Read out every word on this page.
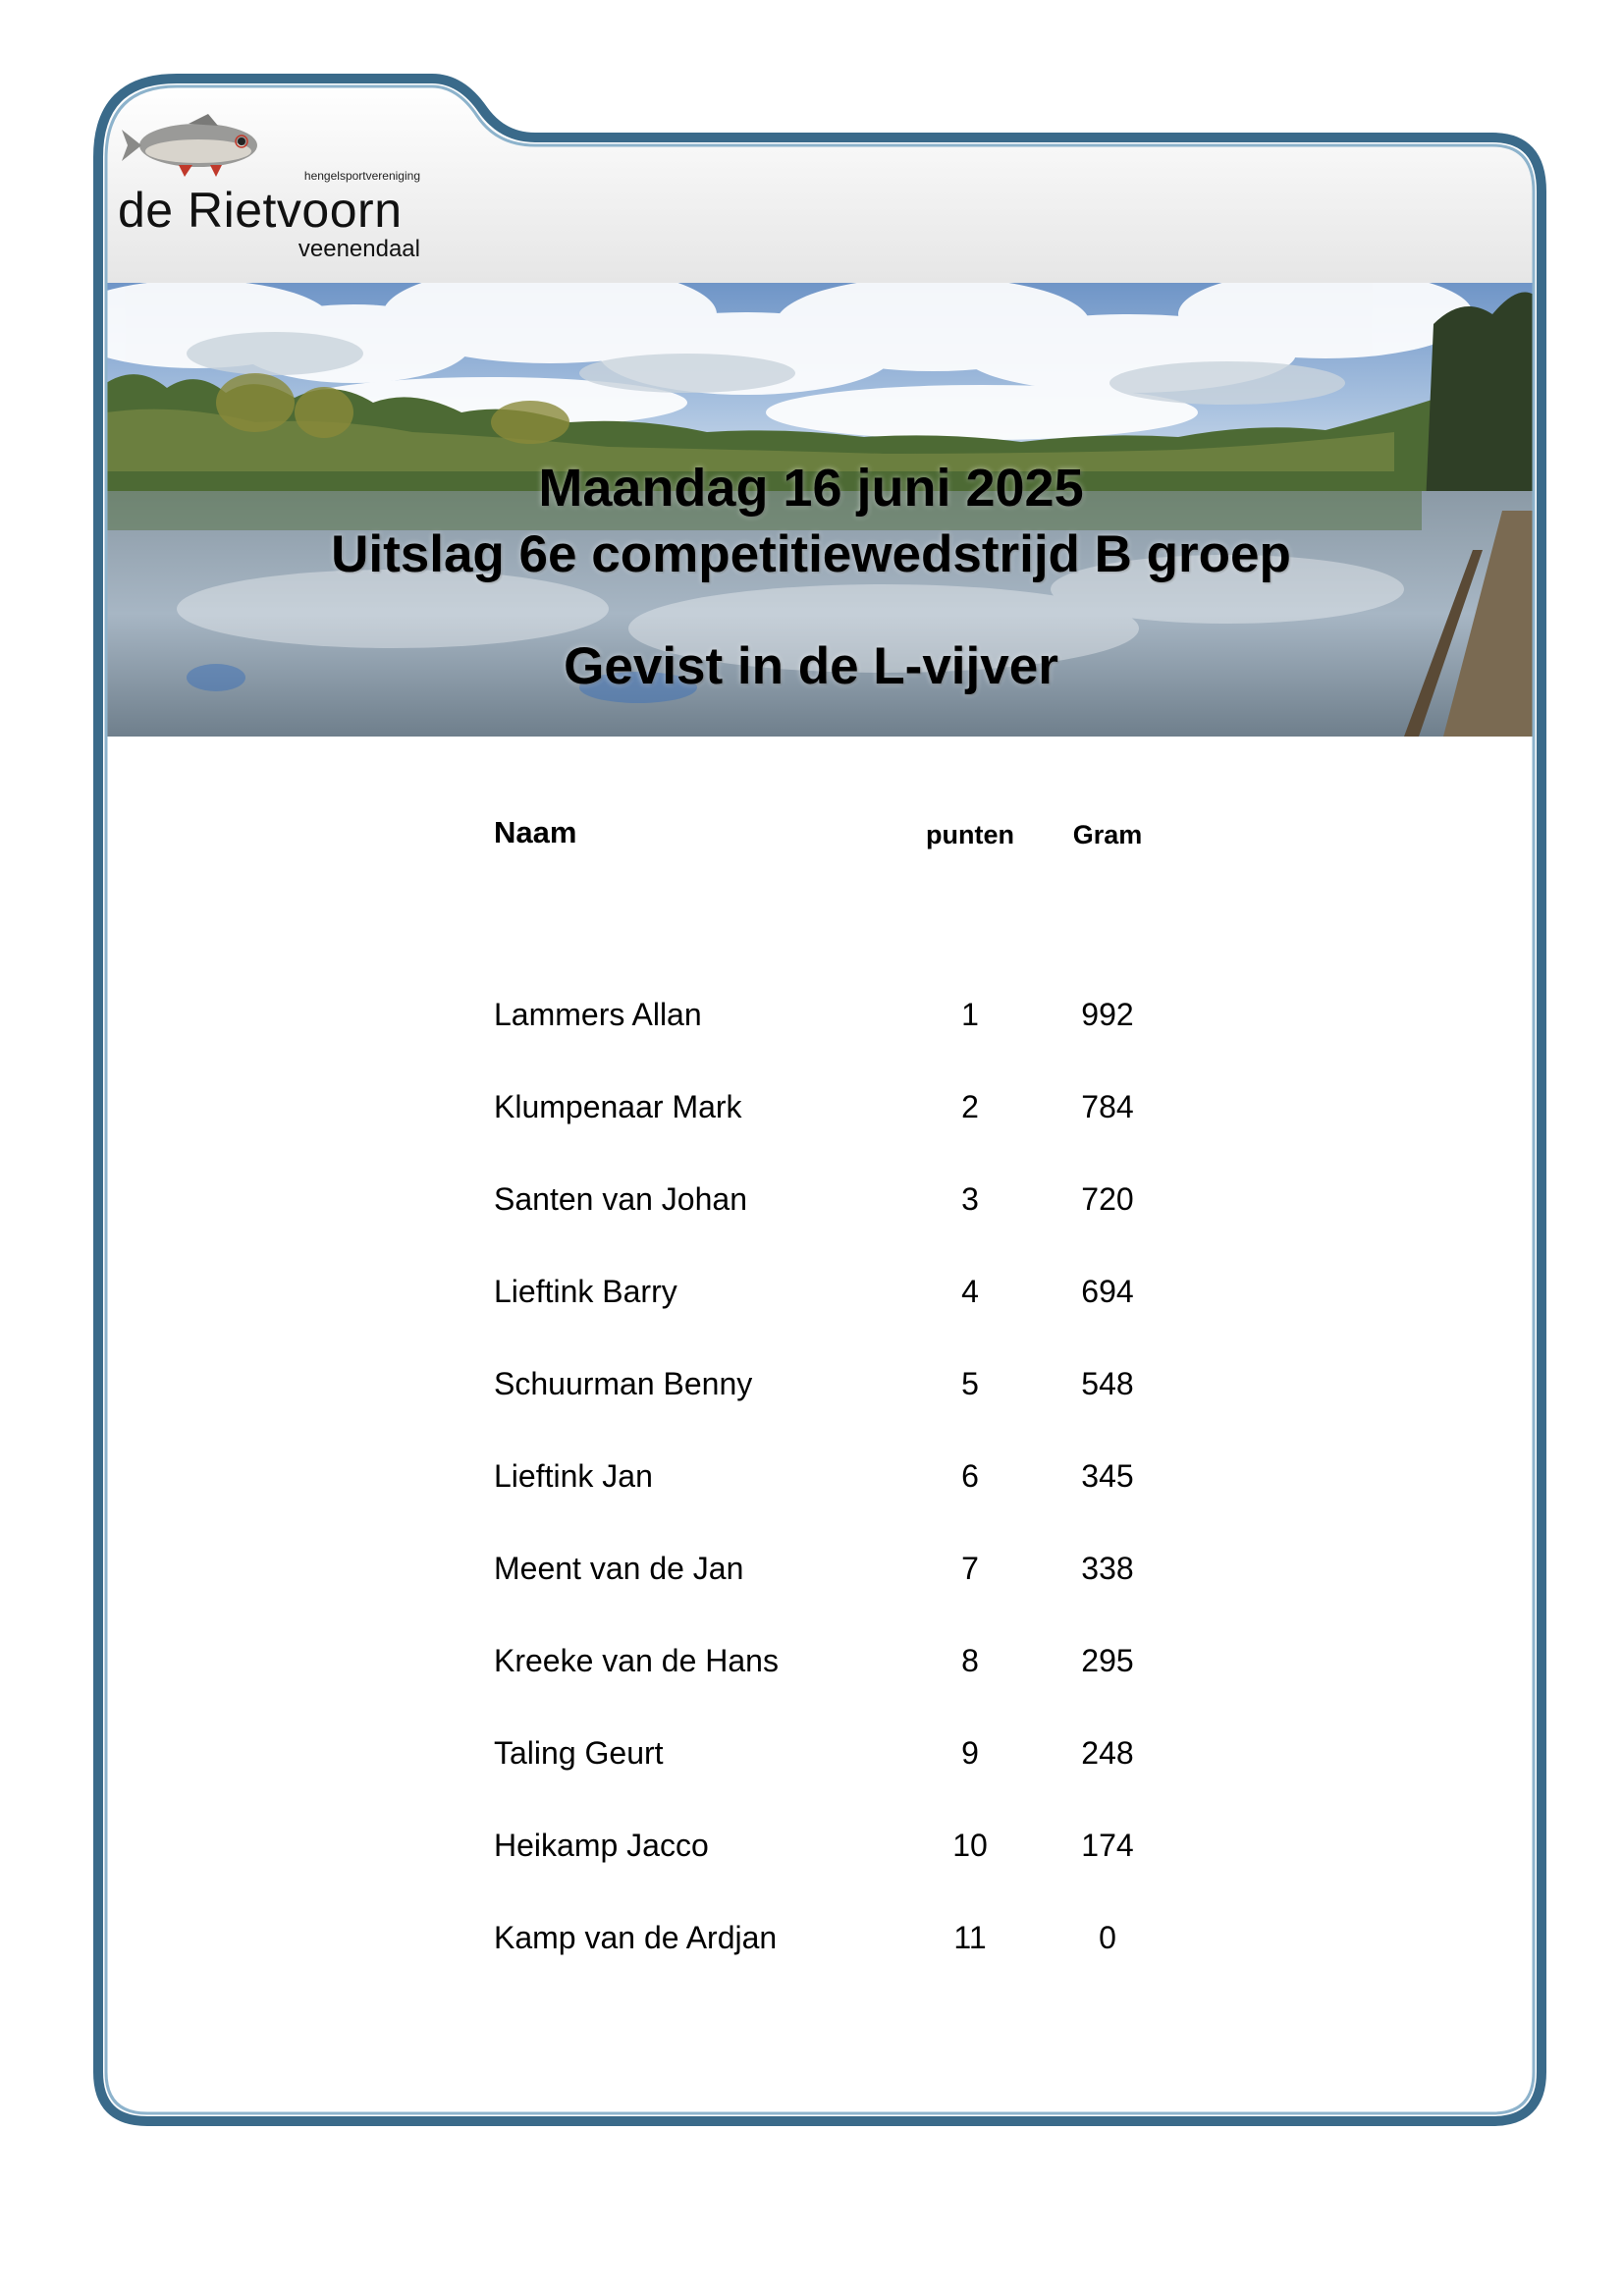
hengelsportvereniging
de Rietvoorn
veenendaal
Maandag 16 juni 2025
Uitslag 6e competitiewedstrijd B groep
Gevist in de L-vijver
Naam	punten	Gram
Lammers Allan	1	992
Klumpenaar Mark	2	784
Santen van Johan	3	720
Lieftink Barry	4	694
Schuurman Benny	5	548
Lieftink Jan	6	345
Meent van de Jan	7	338
Kreeke van de Hans	8	295
Taling Geurt	9	248
Heikamp Jacco	10	174
Kamp van de Ardjan	11	0
